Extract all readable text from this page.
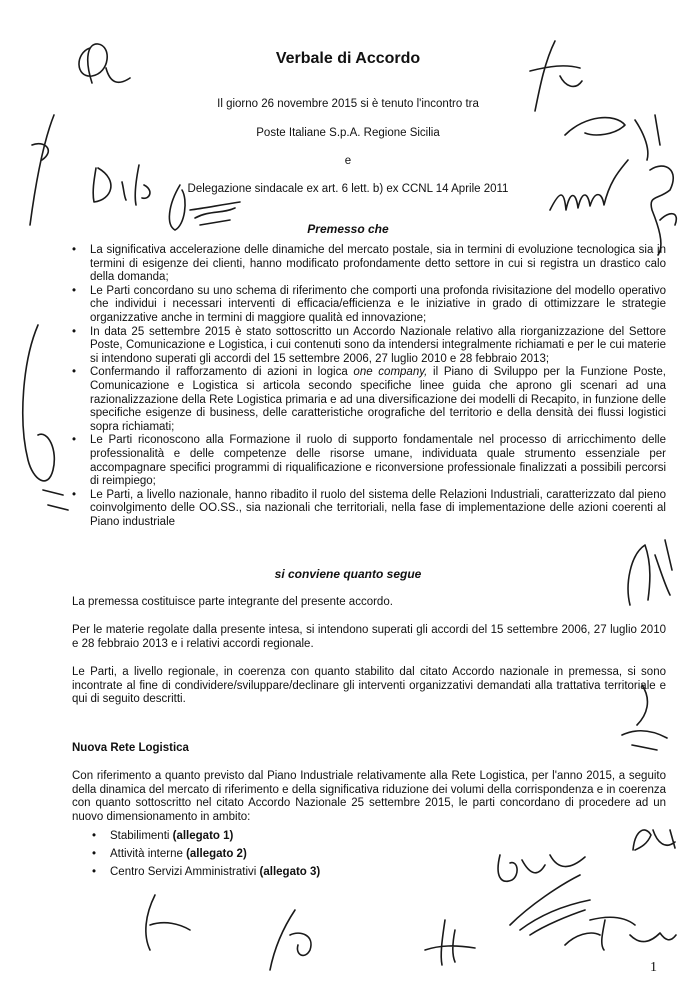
Verbale di Accordo
Il giorno 26 novembre 2015 si è tenuto l'incontro tra
Poste Italiane S.p.A. Regione Sicilia
e
Delegazione sindacale ex art. 6 lett. b) ex CCNL 14 Aprile 2011
Premesso che
• La significativa accelerazione delle dinamiche del mercato postale, sia in termini di evoluzione tecnologica sia in termini di esigenze dei clienti, hanno modificato profondamente detto settore in cui si registra un drastico calo della domanda;
• Le Parti concordano su uno schema di riferimento che comporti una profonda rivisitazione del modello operativo che individui i necessari interventi di efficacia/efficienza e le iniziative in grado di ottimizzare le strategie organizzative anche in termini di maggiore qualità ed innovazione;
• In data 25 settembre 2015 è stato sottoscritto un Accordo Nazionale relativo alla riorganizzazione del Settore Poste, Comunicazione e Logistica, i cui contenuti sono da intendersi integralmente richiamati e per le cui materie si intendono superati gli accordi del 15 settembre 2006, 27 luglio 2010 e 28 febbraio 2013;
• Confermando il rafforzamento di azioni in logica one company, il Piano di Sviluppo per la Funzione Poste, Comunicazione e Logistica si articola secondo specifiche linee guida che aprono gli scenari ad una razionalizzazione della Rete Logistica primaria e ad una diversificazione dei modelli di Recapito, in funzione delle specifiche esigenze di business, delle caratteristiche orografiche del territorio e della densità dei flussi logistici sopra richiamati;
• Le Parti riconoscono alla Formazione il ruolo di supporto fondamentale nel processo di arricchimento delle professionalità e delle competenze delle risorse umane, individuata quale strumento essenziale per accompagnare specifici programmi di riqualificazione e riconversione professionale finalizzati a possibili percorsi di reimpiego;
• Le Parti, a livello nazionale, hanno ribadito il ruolo del sistema delle Relazioni Industriali, caratterizzato dal pieno coinvolgimento delle OO.SS., sia nazionali che territoriali, nella fase di implementazione delle azioni coerenti al Piano industriale
si conviene quanto segue

La premessa costituisce parte integrante del presente accordo.

Per le materie regolate dalla presente intesa, si intendono superati gli accordi del 15 settembre 2006, 27 luglio 2010 e 28 febbraio 2013 e i relativi accordi regionale.

Le Parti, a livello regionale, in coerenza con quanto stabilito dal citato Accordo nazionale in premessa, si sono incontrate al fine di condividere/sviluppare/declinare gli interventi organizzativi demandati alla trattativa territoriale e qui di seguito descritti.

Nuova Rete Logistica

Con riferimento a quanto previsto dal Piano Industriale relativamente alla Rete Logistica, per l'anno 2015, a seguito della dinamica del mercato di riferimento e della significativa riduzione dei volumi della corrispondenza e in coerenza con quanto sottoscritto nel citato Accordo Nazionale 25 settembre 2015, le parti concordano di procedere ad un nuovo dimensionamento in ambito:

• Stabilimenti (allegato 1)
• Attività interne (allegato 2)
• Centro Servizi Amministrativi (allegato 3)
1
